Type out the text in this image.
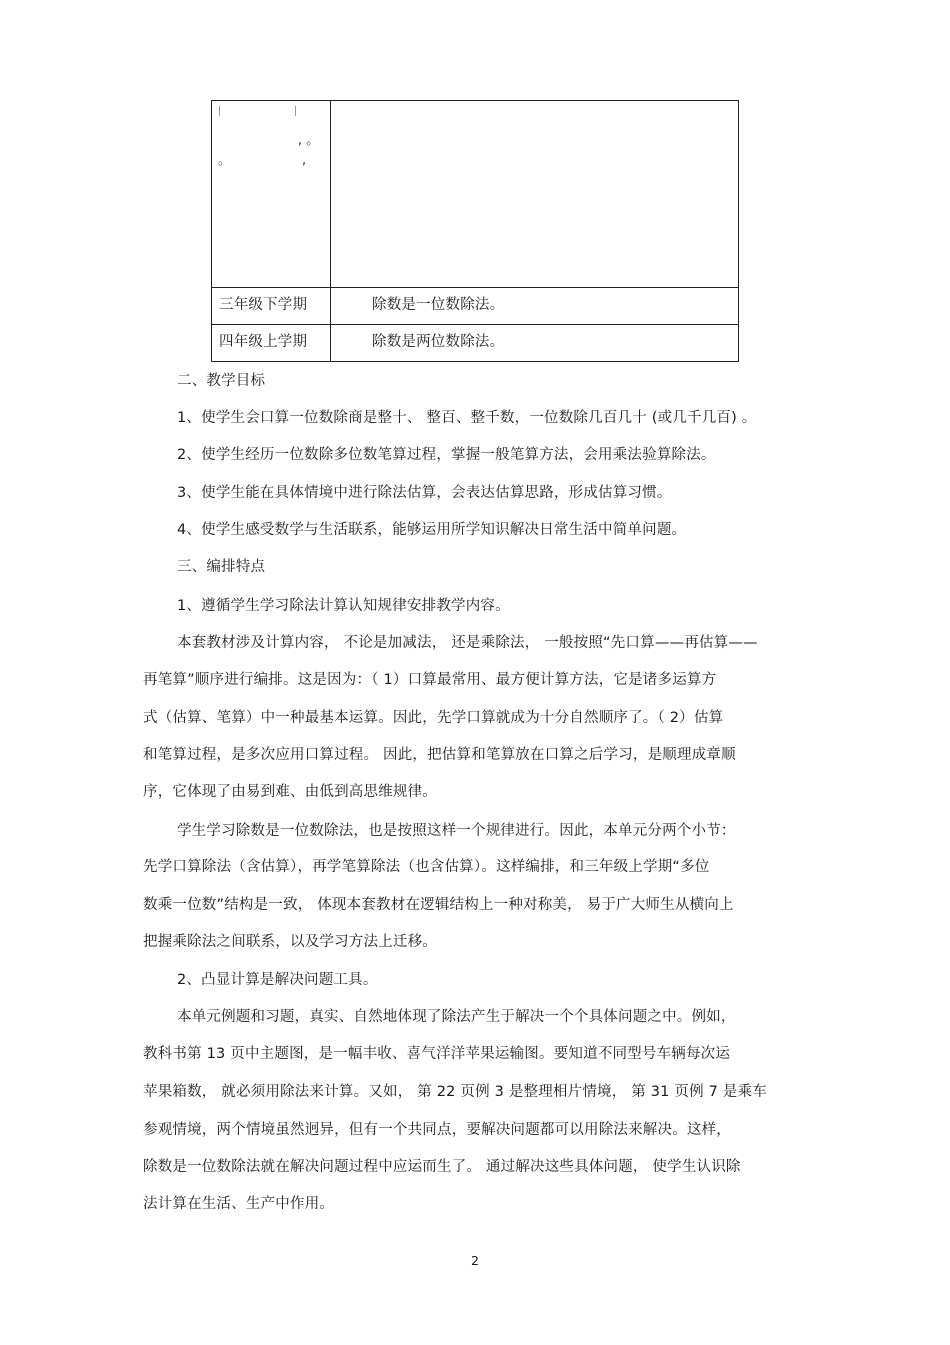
, 。
。	,
三年级下学期	除数是一位数除法。
四年级上学期	除数是两位数除法。
二、教学目标
1、使学生会口算一位数除商是整十、 整百、整千数，一位数除几百几十 (或几千几百) 。
2、使学生经历一位数除多位数笔算过程，掌握一般笔算方法，会用乘法验算除法。
3、使学生能在具体情境中进行除法估算，会表达估算思路，形成估算习惯。
4、使学生感受数学与生活联系，能够运用所学知识解决日常生活中简单问题。
三、编排特点
1、遵循学生学习除法计算认知规律安排教学内容。
本套教材涉及计算内容， 不论是加减法， 还是乘除法， 一般按照“先口算——再估算——
再笔算”顺序进行编排。这是因为：（ 1）口算最常用、最方便计算方法，它是诸多运算方
式（估算、笔算）中一种最基本运算。因此，先学口算就成为十分自然顺序了。（ 2）估算
和笔算过程，是多次应用口算过程。 因此，把估算和笔算放在口算之后学习，是顺理成章顺
序，它体现了由易到难、由低到高思维规律。
学生学习除数是一位数除法，也是按照这样一个规律进行。因此，本单元分两个小节：
先学口算除法（含估算），再学笔算除法（也含估算）。这样编排，和三年级上学期“多位
数乘一位数”结构是一致， 体现本套教材在逻辑结构上一种对称美， 易于广大师生从横向上
把握乘除法之间联系，以及学习方法上迁移。
2、凸显计算是解决问题工具。
本单元例题和习题，真实、自然地体现了除法产生于解决一个个具体问题之中。例如，
教科书第 13 页中主题图，是一幅丰收、喜气洋洋苹果运输图。要知道不同型号车辆每次运
苹果箱数， 就必须用除法来计算。又如， 第 22 页例 3 是整理相片情境， 第 31 页例 7 是乘车
参观情境，两个情境虽然迥异，但有一个共同点，要解决问题都可以用除法来解决。这样，
除数是一位数除法就在解决问题过程中应运而生了。 通过解决这些具体问题， 使学生认识除
法计算在生活、生产中作用。
2
